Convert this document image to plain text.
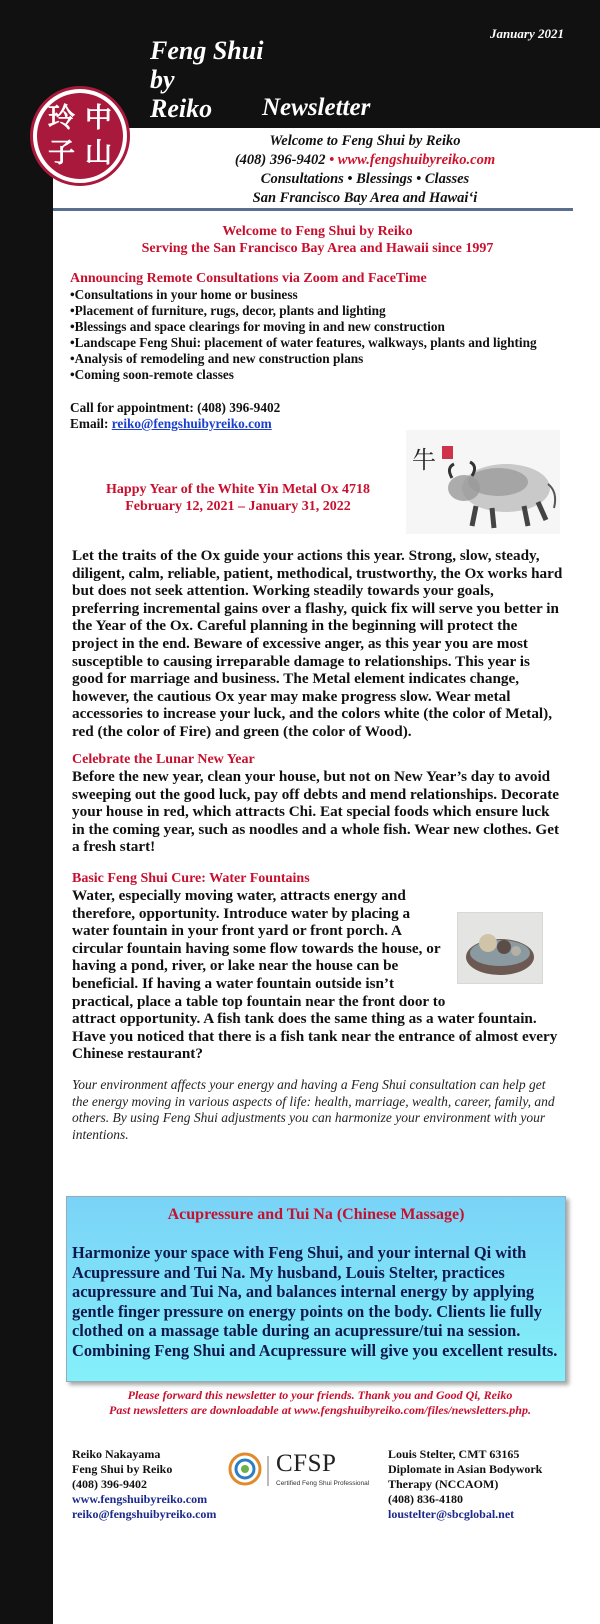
January 2021
玲 中
子 山
Feng Shui
by
Reiko	Newsletter
Welcome to Feng Shui by Reiko
(408) 396-9402 • www.fengshuibyreiko.com
Consultations • Blessings • Classes
San Francisco Bay Area and Hawaiʻi
Welcome to Feng Shui by Reiko
Serving the San Francisco Bay Area and Hawaii since 1997
Announcing Remote Consultations via Zoom and FaceTime
•Consultations in your home or business
•Placement of furniture, rugs, decor, plants and lighting
•Blessings and space clearings for moving in and new construction
•Landscape Feng Shui: placement of water features, walkways, plants and lighting
•Analysis of remodeling and new construction plans
•Coming soon-remote classes
Call for appointment: (408) 396-9402
Email: reiko@fengshuibyreiko.com
Happy Year of the White Yin Metal Ox 4718
February 12, 2021 – January 31, 2022
牛
Let the traits of the Ox guide your actions this year. Strong, slow, steady, diligent, calm, reliable, patient, methodical, trustworthy, the Ox works hard but does not seek attention. Working steadily towards your goals, preferring incremental gains over a flashy, quick fix will serve you better in the Year of the Ox. Careful planning in the beginning will protect the project in the end. Beware of excessive anger, as this year you are most susceptible to causing irreparable damage to relationships. This year is good for marriage and business. The Metal element indicates change, however, the cautious Ox year may make progress slow. Wear metal accessories to increase your luck, and the colors white (the color of Metal), red (the color of Fire) and green (the color of Wood).
Celebrate the Lunar New Year
Before the new year, clean your house, but not on New Year’s day to avoid sweeping out the good luck, pay off debts and mend relationships. Decorate your house in red, which attracts Chi. Eat special foods which ensure luck in the coming year, such as noodles and a whole fish. Wear new clothes. Get a fresh start!
Basic Feng Shui Cure: Water Fountains
Water, especially moving water, attracts energy and
therefore, opportunity. Introduce water by placing a
water fountain in your front yard or front porch. A
circular fountain having some flow towards the house, or
having a pond, river, or lake near the house can be
beneficial. If having a water fountain outside isn’t
practical, place a table top fountain near the front door to
attract opportunity. A fish tank does the same thing as a water fountain.
Have you noticed that there is a fish tank near the entrance of almost every
Chinese restaurant?
Your environment affects your energy and having a Feng Shui consultation can help get the energy moving in various aspects of life: health, marriage, wealth, career, family, and others. By using Feng Shui adjustments you can harmonize your environment with your intentions.
Acupressure and Tui Na (Chinese Massage)
Harmonize your space with Feng Shui, and your internal Qi with Acupressure and Tui Na. My husband, Louis Stelter, practices acupressure and Tui Na, and balances internal energy by applying gentle finger pressure on energy points on the body. Clients lie fully clothed on a massage table during an acupressure/tui na session. Combining Feng Shui and Acupressure will give you excellent results.
Please forward this newsletter to your friends. Thank you and Good Qi, Reiko
Past newsletters are downloadable at www.fengshuibyreiko.com/files/newsletters.php.
Reiko Nakayama
Feng Shui by Reiko
(408) 396-9402
www.fengshuibyreiko.com
reiko@fengshuibyreiko.com
CFSP
Certified Feng Shui Professional
Louis Stelter, CMT 63165
Diplomate in Asian Bodywork
Therapy (NCCAOM)
(408) 836-4180
loustelter@sbcglobal.net
